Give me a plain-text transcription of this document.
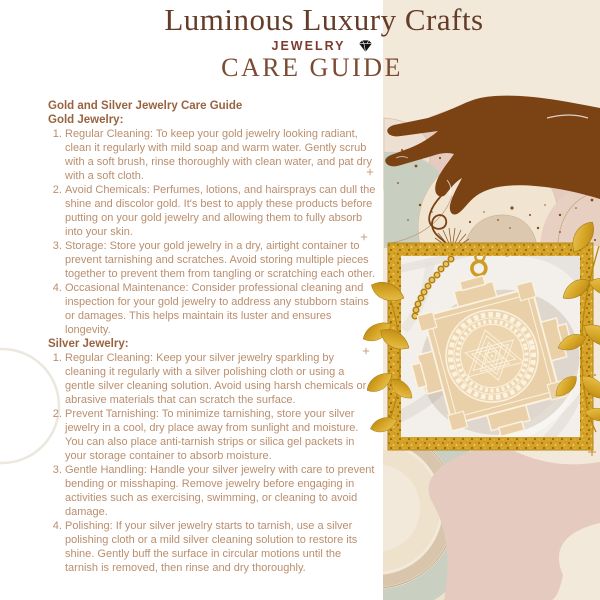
Luminous Luxury Crafts
JEWELRY
CARE GUIDE

Gold and Silver Jewelry Care Guide

Gold Jewelry:

1. Regular Cleaning: To keep your gold jewelry looking radiant, clean it regularly with mild soap and warm water. Gently scrub with a soft brush, rinse thoroughly with clean water, and pat dry with a soft cloth.
2. Avoid Chemicals: Perfumes, lotions, and hairsprays can dull the shine and discolor gold. It's best to apply these products before putting on your gold jewelry and allowing them to fully absorb into your skin.
3. Storage: Store your gold jewelry in a dry, airtight container to prevent tarnishing and scratches. Avoid storing multiple pieces together to prevent them from tangling or scratching each other.
4. Occasional Maintenance: Consider professional cleaning and inspection for your gold jewelry to address any stubborn stains or damages. This helps maintain its luster and ensures longevity.

Silver Jewelry:

1. Regular Cleaning: Keep your silver jewelry sparkling by cleaning it regularly with a silver polishing cloth or using a gentle silver cleaning solution. Avoid using harsh chemicals or abrasive materials that can scratch the surface.
2. Prevent Tarnishing: To minimize tarnishing, store your silver jewelry in a cool, dry place away from sunlight and moisture. You can also place anti-tarnish strips or silica gel packets in your storage container to absorb moisture.
3. Gentle Handling: Handle your silver jewelry with care to prevent bending or misshaping. Remove jewelry before engaging in activities such as exercising, swimming, or cleaning to avoid damage.
4. Polishing: If your silver jewelry starts to tarnish, use a silver polishing cloth or a mild silver cleaning solution to restore its shine. Gently buff the surface in circular motions until the tarnish is removed, then rinse and dry thoroughly.
